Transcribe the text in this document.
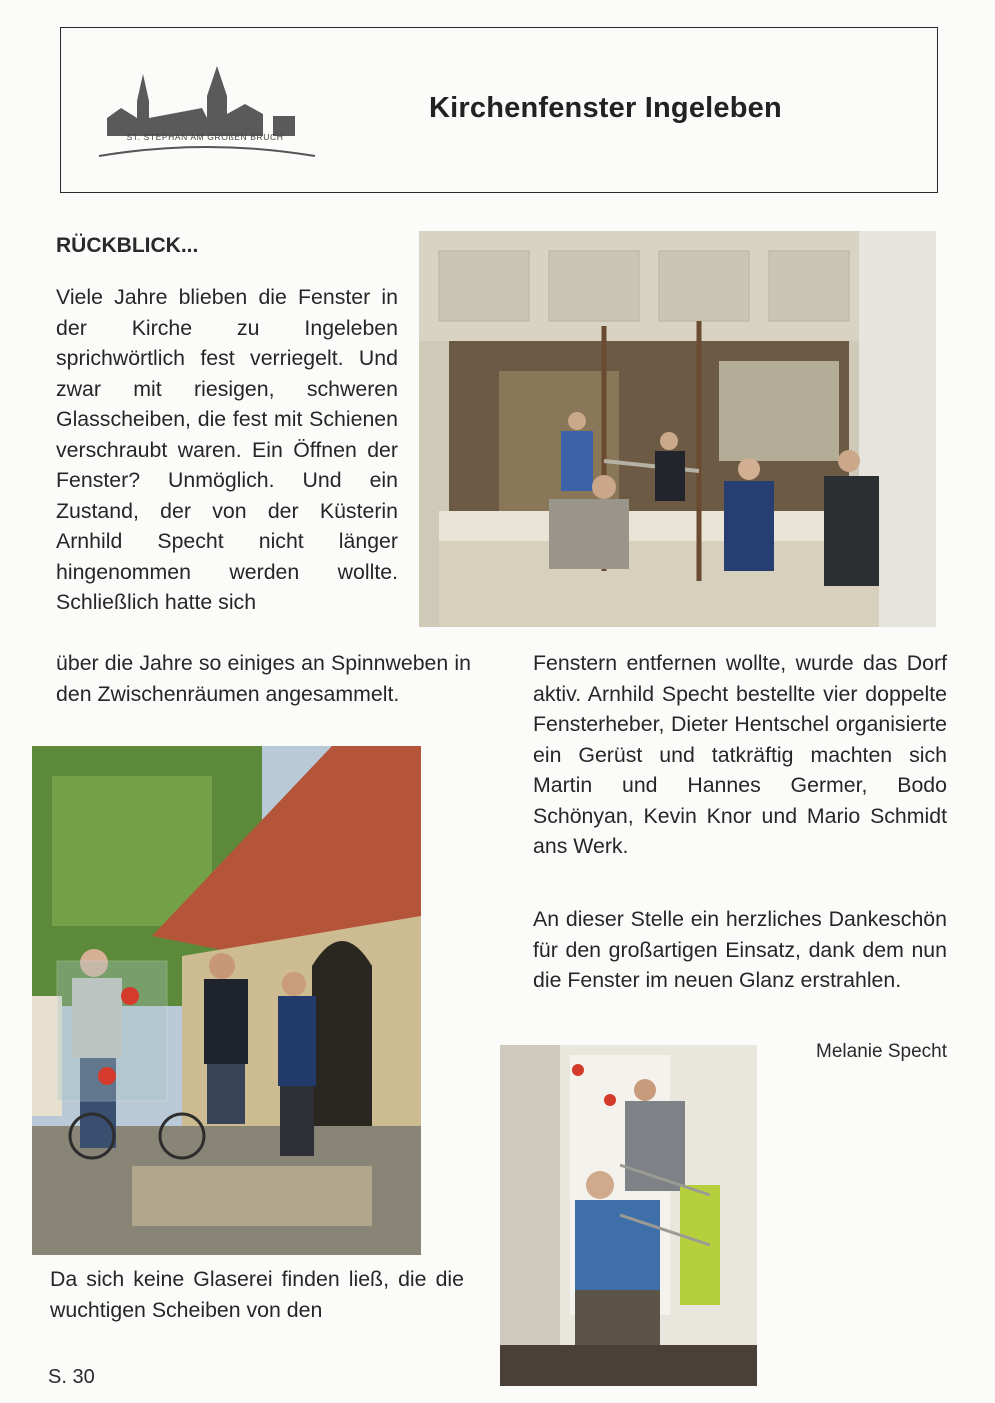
ST. STEPHAN AM GROßEN BRUCH
Kirchenfenster Ingeleben
RÜCKBLICK...

Viele Jahre blieben die Fenster in der Kirche zu Ingeleben sprichwörtlich fest verriegelt. Und zwar mit riesigen, schweren Glasscheiben, die fest mit Schienen verschraubt waren. Ein Öffnen der Fenster? Unmöglich. Und ein Zustand, der von der Küsterin Arnhild Specht nicht länger hingenommen werden wollte. Schließlich hatte sich

über die Jahre so einiges an Spinnweben in den Zwischenräumen angesammelt.

Fenstern entfernen wollte, wurde das Dorf aktiv. Arnhild Specht bestellte vier doppelte Fensterheber, Dieter Hentschel organisierte ein Gerüst und tatkräftig machten sich Martin und Hannes Germer, Bodo Schönyan, Kevin Knor und Mario Schmidt ans Werk.

An dieser Stelle ein herzliches Dankeschön für den großartigen Einsatz, dank dem nun die Fenster im neuen Glanz erstrahlen.

Melanie Specht

Da sich keine Glaserei finden ließ, die die wuchtigen Scheiben von den

S. 30
